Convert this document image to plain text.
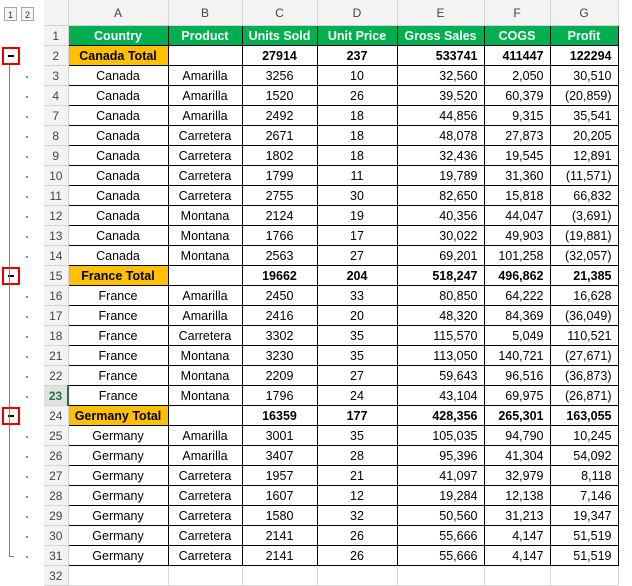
1	2
		A	B	C	D	E	F	G
1	Country	Product	Units Sold	Unit Price	Gross Sales	COGS	Profit
2	Canada Total		27914	237	533741	411447	122294
3	Canada	Amarilla	3256	10	32,560	2,050	30,510
4	Canada	Amarilla	1520	26	39,520	60,379	(20,859)
7	Canada	Amarilla	2492	18	44,856	9,315	35,541
8	Canada	Carretera	2671	18	48,078	27,873	20,205
9	Canada	Carretera	1802	18	32,436	19,545	12,891
10	Canada	Carretera	1799	11	19,789	31,360	(11,571)
11	Canada	Carretera	2755	30	82,650	15,818	66,832
12	Canada	Montana	2124	19	40,356	44,047	(3,691)
13	Canada	Montana	1766	17	30,022	49,903	(19,881)
14	Canada	Montana	2563	27	69,201	101,258	(32,057)
15	France Total		19662	204	518,247	496,862	21,385
16	France	Amarilla	2450	33	80,850	64,222	16,628
17	France	Amarilla	2416	20	48,320	84,369	(36,049)
18	France	Carretera	3302	35	115,570	5,049	110,521
21	France	Montana	3230	35	113,050	140,721	(27,671)
22	France	Montana	2209	27	59,643	96,516	(36,873)
23	France	Montana	1796	24	43,104	69,975	(26,871)
24	Germany Total		16359	177	428,356	265,301	163,055
25	Germany	Amarilla	3001	35	105,035	94,790	10,245
26	Germany	Amarilla	3407	28	95,396	41,304	54,092
27	Germany	Carretera	1957	21	41,097	32,979	8,118
28	Germany	Carretera	1607	12	19,284	12,138	7,146
29	Germany	Carretera	1580	32	50,560	31,213	19,347
30	Germany	Carretera	2141	26	55,666	4,147	51,519
31	Germany	Carretera	2141	26	55,666	4,147	51,519
32							
